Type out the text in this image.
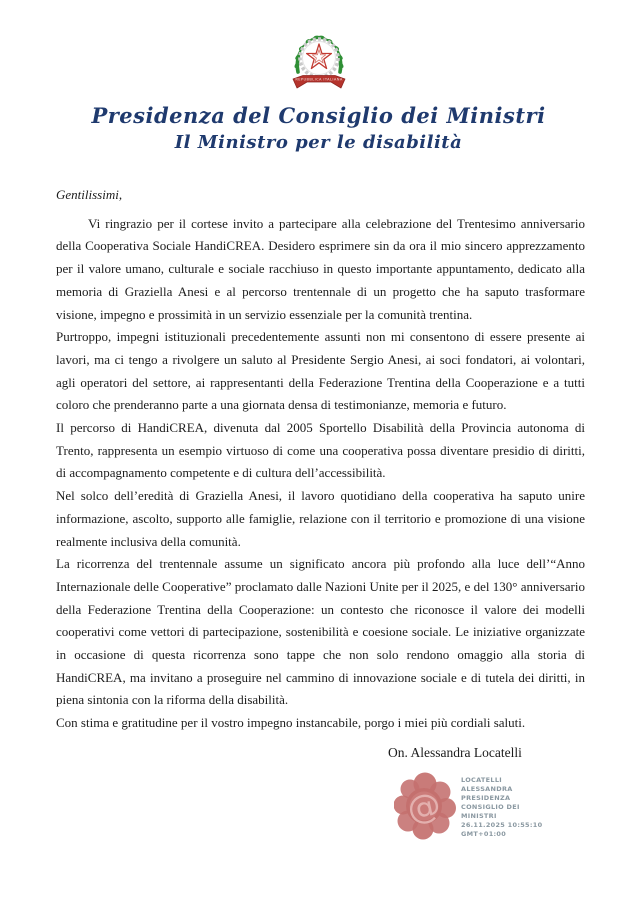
REPUBBLICA ITALIANA
Presidenza del Consiglio dei Ministri
Il Ministro per le disabilità

Gentilissimi,

Vi ringrazio per il cortese invito a partecipare alla celebrazione del Trentesimo anniversario della Cooperativa Sociale HandiCREA. Desidero esprimere sin da ora il mio sincero apprezzamento per il valore umano, culturale e sociale racchiuso in questo importante appuntamento, dedicato alla memoria di Graziella Anesi e al percorso trentennale di un progetto che ha saputo trasformare visione, impegno e prossimità in un servizio essenziale per la comunità trentina.

Purtroppo, impegni istituzionali precedentemente assunti non mi consentono di essere presente ai lavori, ma ci tengo a rivolgere un saluto al Presidente Sergio Anesi, ai soci fondatori, ai volontari, agli operatori del settore, ai rappresentanti della Federazione Trentina della Cooperazione e a tutti coloro che prenderanno parte a una giornata densa di testimonianze, memoria e futuro.

Il percorso di HandiCREA, divenuta dal 2005 Sportello Disabilità della Provincia autonoma di Trento, rappresenta un esempio virtuoso di come una cooperativa possa diventare presidio di diritti, di accompagnamento competente e di cultura dell’accessibilità.

Nel solco dell’eredità di Graziella Anesi, il lavoro quotidiano della cooperativa ha saputo unire informazione, ascolto, supporto alle famiglie, relazione con il territorio e promozione di una visione realmente inclusiva della comunità.

La ricorrenza del trentennale assume un significato ancora più profondo alla luce dell’“Anno Internazionale delle Cooperative” proclamato dalle Nazioni Unite per il 2025, e del 130° anniversario della Federazione Trentina della Cooperazione: un contesto che riconosce il valore dei modelli cooperativi come vettori di partecipazione, sostenibilità e coesione sociale. Le iniziative organizzate in occasione di questa ricorrenza sono tappe che non solo rendono omaggio alla storia di HandiCREA, ma invitano a proseguire nel cammino di innovazione sociale e di tutela dei diritti, in piena sintonia con la riforma della disabilità.

Con stima e gratitudine per il vostro impegno instancabile, porgo i miei più cordiali saluti.

On. Alessandra Locatelli
@
LOCATELLI
ALESSANDRA
PRESIDENZA
CONSIGLIO DEI
MINISTRI
26.11.2025 10:55:10
GMT+01:00
